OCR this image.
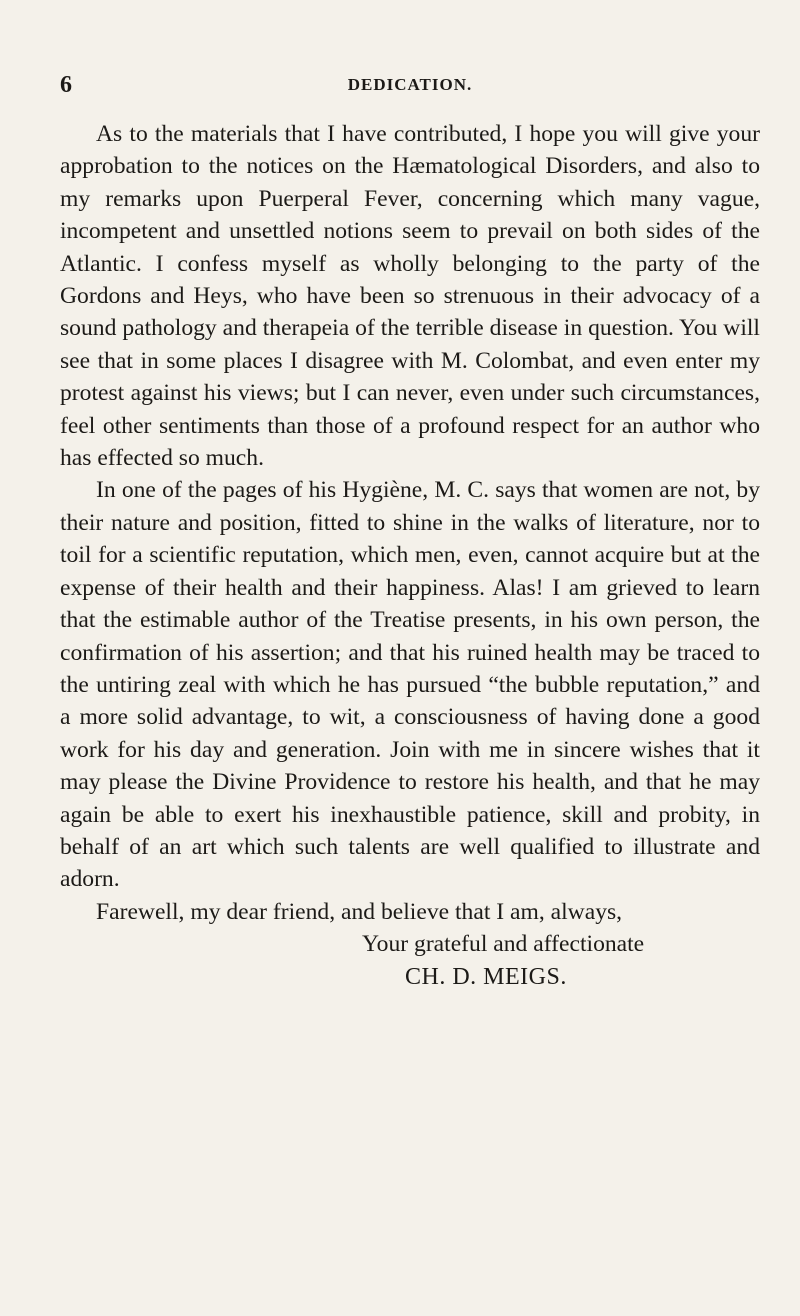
6	DEDICATION.

As to the materials that I have contributed, I hope you will give your approbation to the notices on the Hæmatological Disorders, and also to my remarks upon Puerperal Fever, concerning which many vague, incompetent and unsettled notions seem to prevail on both sides of the Atlantic. I confess myself as wholly belonging to the party of the Gordons and Heys, who have been so strenuous in their advocacy of a sound pathology and therapeia of the terrible disease in question. You will see that in some places I disagree with M. Colombat, and even enter my protest against his views; but I can never, even under such circumstances, feel other sentiments than those of a profound respect for an author who has effected so much.

In one of the pages of his Hygiène, M. C. says that women are not, by their nature and position, fitted to shine in the walks of literature, nor to toil for a scientific reputation, which men, even, cannot acquire but at the expense of their health and their happiness. Alas! I am grieved to learn that the estimable author of the Treatise presents, in his own person, the confirmation of his assertion; and that his ruined health may be traced to the untiring zeal with which he has pursued “the bubble reputation,” and a more solid advantage, to wit, a consciousness of having done a good work for his day and generation. Join with me in sincere wishes that it may please the Divine Providence to restore his health, and that he may again be able to exert his inexhaustible patience, skill and probity, in behalf of an art which such talents are well qualified to illustrate and adorn.

Farewell, my dear friend, and believe that I am, always,

Your grateful and affectionate

CH. D. MEIGS.
